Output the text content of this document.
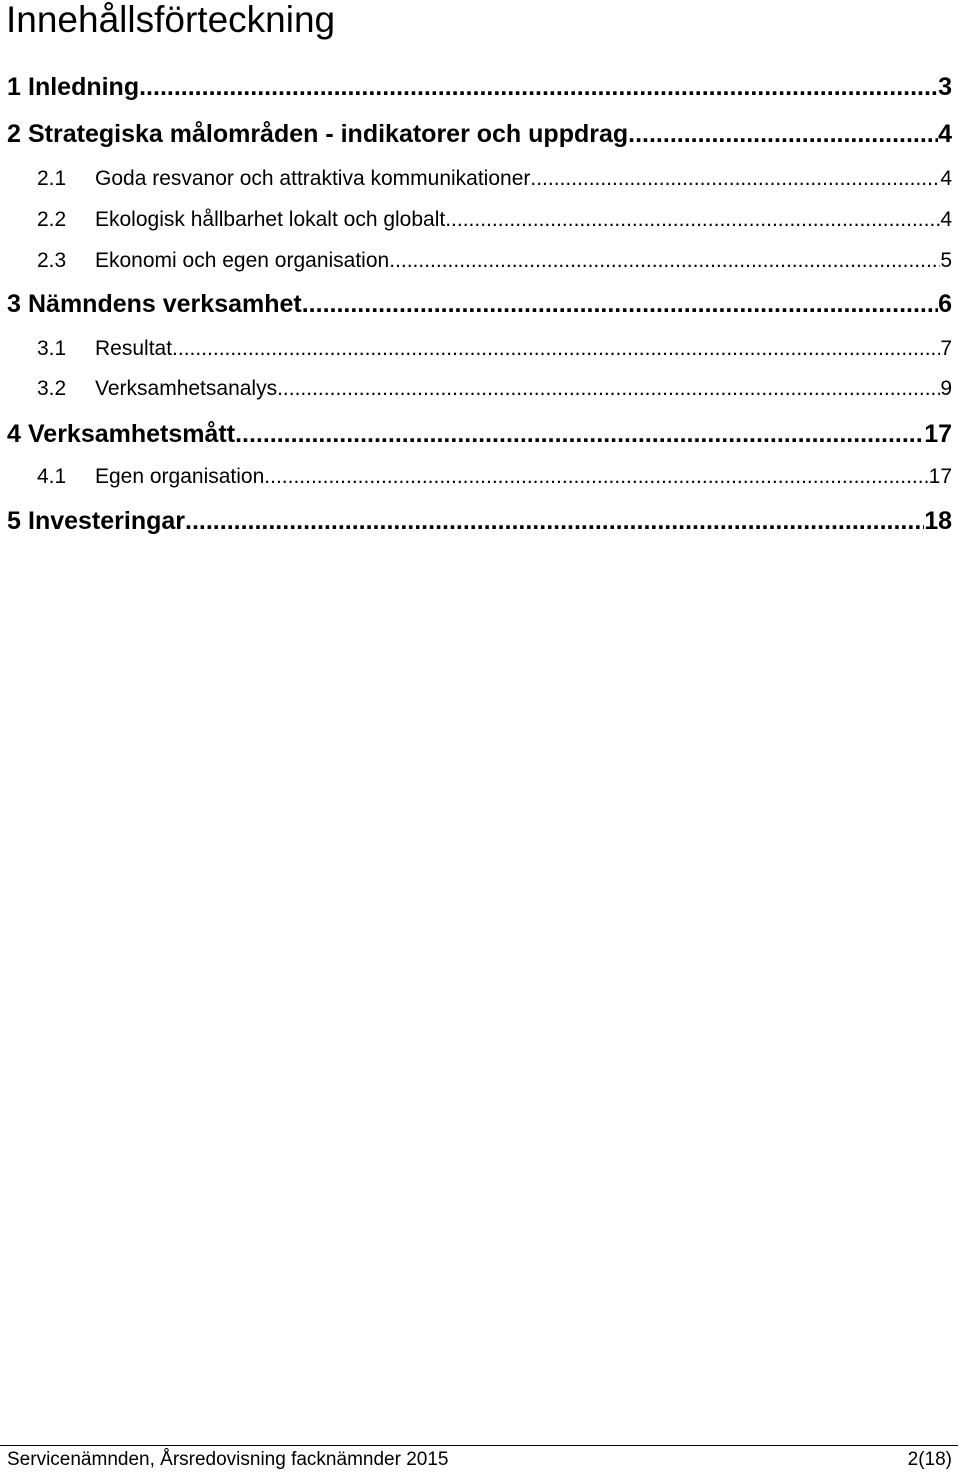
Innehållsförteckning
1 Inledning .....	3
2 Strategiska målområden - indikatorer och uppdrag .....	4
2.1	Goda resvanor och attraktiva kommunikationer .....	4
2.2	Ekologisk hållbarhet lokalt och globalt .....	4
2.3	Ekonomi och egen organisation .....	5
3 Nämndens verksamhet .....	6
3.1	Resultat .....	7
3.2	Verksamhetsanalys .....	9
4 Verksamhetsmått .....	17
4.1	Egen organisation .....	17
5 Investeringar .....	18
Servicenämnden, Årsredovisning facknämnder 2015	2(18)
